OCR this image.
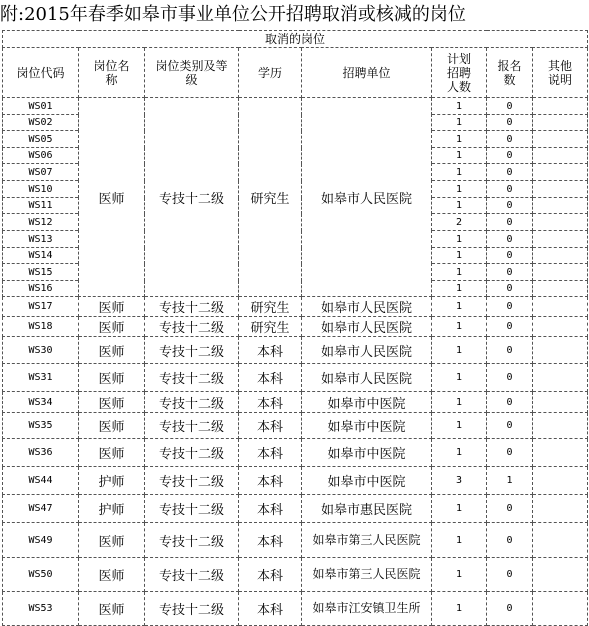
附:2015年春季如皋市事业单位公开招聘取消或核减的岗位
取消的岗位							
岗位代码	岗位名称	岗位类别及等级	学历	招聘单位	计划招聘人数	报名数	其他说明

WS01	医师	专技十二级	研究生	如皋市人民医院	1	0	
WS02					1	0	
WS05					1	0	
WS06					1	0	
WS07					1	0	
WS10					1	0	
WS11					1	0	
WS12					2	0	
WS13					1	0	
WS14					1	0	
WS15					1	0	
WS16					1	0	
WS17	医师	专技十二级	研究生	如皋市人民医院	1	0	
WS18	医师	专技十二级	研究生	如皋市人民医院	1	0	
WS30	医师	专技十二级	本科	如皋市人民医院	1	0	
WS31	医师	专技十二级	本科	如皋市人民医院	1	0	
WS34	医师	专技十二级	本科	如皋市中医院	1	0	
WS35	医师	专技十二级	本科	如皋市中医院	1	0	
WS36	医师	专技十二级	本科	如皋市中医院	1	0	
WS44	护师	专技十二级	本科	如皋市中医院	3	1	
WS47	护师	专技十二级	本科	如皋市惠民医院	1	0	
WS49	医师	专技十二级	本科	如皋市第三人民医院	1	0	
WS50	医师	专技十二级	本科	如皋市第三人民医院	1	0	
WS53	医师	专技十二级	本科	如皋市江安镇卫生所	1	0	
